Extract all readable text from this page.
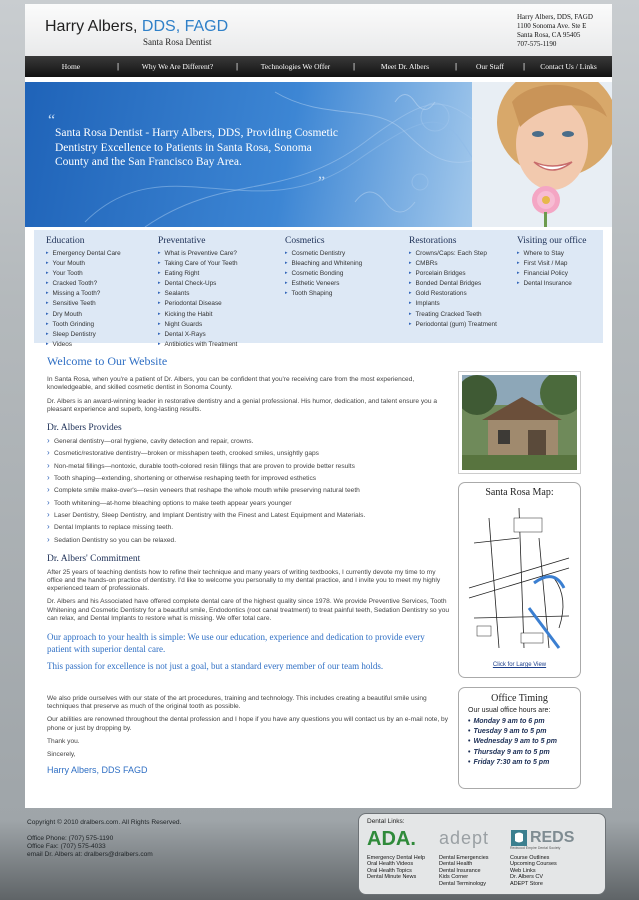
Harry Albers, DDS, FAGD
Santa Rosa Dentist
Harry Albers, DDS, FAGD
1100 Sonoma Ave. Ste E
Santa Rosa, CA 95405
707-575-1190
Home	|	Why We Are Different?	|	Technologies We Offer	|	Meet Dr. Albers	|	Our Staff	|	Contact Us / Links
“
Santa Rosa Dentist - Harry Albers, DDS, Providing Cosmetic Dentistry Excellence to Patients in Santa Rosa, Sonoma County and the San Francisco Bay Area.
”
Education
▸ Emergency Dental Care
▸ Your Mouth
▸ Your Tooth
▸ Cracked Tooth?
▸ Missing a Tooth?
▸ Sensitive Teeth
▸ Dry Mouth
▸ Tooth Grinding
▸ Sleep Dentistry
▸ Videos
Preventative
▸ What is Preventive Care?
▸ Taking Care of Your Teeth
▸ Eating Right
▸ Dental Check-Ups
▸ Sealants
▸ Periodontal Disease
▸ Kicking the Habit
▸ Night Guards
▸ Dental X-Rays
▸ Antibiotics with Treatment
Cosmetics
▸ Cosmetic Dentistry
▸ Bleaching and Whitening
▸ Cosmetic Bonding
▸ Esthetic Veneers
▸ Tooth Shaping
Restorations
▸ Crowns/Caps: Each Step
▸ CMBRs
▸ Porcelain Bridges
▸ Bonded Dental Bridges
▸ Gold Restorations
▸ Implants
▸ Treating Cracked Teeth
▸ Periodontal (gum) Treatment
Visiting our office
▸ Where to Stay
▸ First Visit / Map
▸ Financial Policy
▸ Dental Insurance
Welcome to Our Website
In Santa Rosa, when you're a patient of Dr. Albers, you can be confident that you're receiving care from the most experienced, knowledgeable, and skilled cosmetic dentist in Sonoma County.
Dr. Albers is an award-winning leader in restorative dentistry and a genial professional. His humor, dedication, and talent ensure you a pleasant experience and superb, long-lasting results.
Dr. Albers Provides
› General dentistry—oral hygiene, cavity detection and repair, crowns.
› Cosmetic/restorative dentistry—broken or misshapen teeth, crooked smiles, unsightly gaps
› Non-metal fillings—nontoxic, durable tooth-colored resin fillings that are proven to provide better results
› Tooth shaping—extending, shortening or otherwise reshaping teeth for improved esthetics
› Complete smile make-over's—resin veneers that reshape the whole mouth while preserving natural teeth
› Tooth whitening—at-home bleaching options to make teeth appear years younger
› Laser Dentistry, Sleep Dentistry, and Implant Dentistry with the Finest and Latest Equipment and Materials.
› Dental Implants to replace missing teeth.
› Sedation Dentistry so you can be relaxed.
Dr. Albers' Commitment
After 25 years of teaching dentists how to refine their technique and many years of writing textbooks, I currently devote my time to my office and the hands-on practice of dentistry. I'd like to welcome you personally to my dental practice, and I invite you to meet my highly experienced team of professionals.
Dr. Albers and his Associated have offered complete dental care of the highest quality since 1978. We provide Preventive Services, Tooth Whitening and Cosmetic Dentistry for a beautiful smile, Endodontics (root canal treatment) to treat painful teeth, Sedation Dentistry so you can relax, and Dental Implants to restore what is missing. We offer total care.
Our approach to your health is simple: We use our education, experience and dedication to provide every patient with superior dental care.
This passion for excellence is not just a goal, but a standard every member of our team holds.
We also pride ourselves with our state of the art procedures, training and technology. This includes creating a beautiful smile using techniques that preserve as much of the original tooth as possible.
Our abilities are renowned throughout the dental profession and I hope if you have any questions you will contact us by an e-mail note, by phone or just by dropping by.
Thank you.
Sincerely,
Harry Albers, DDS FAGD
Santa Rosa Map:
Click for Large View
Office Timing
Our usual office hours are:
• Monday 9 am to 6 pm
• Tuesday 9 am to 5 pm
• Wednesday 9 am to 5 pm
• Thursday 9 am to 5 pm
• Friday 7:30 am to 5 pm
Copyright © 2010 dralbers.com. All Rights Reserved.
Office Phone: (707) 575-1190
Office Fax: (707) 575-4033
email Dr. Albers at: dralbers@dralbers.com
Dental Links:
ADA. adept	REDS
Redwood Empire Dental Society
Emergency Dental Help
Oral Health Videos
Oral Health Topics
Dental Minute News
Dental Emergencies
Dental Health
Dental Insurance
Kids Corner
Dental Terminology
Course Outlines
Upcoming Courses
Web Links
Dr. Albers CV
ADEPT Store
